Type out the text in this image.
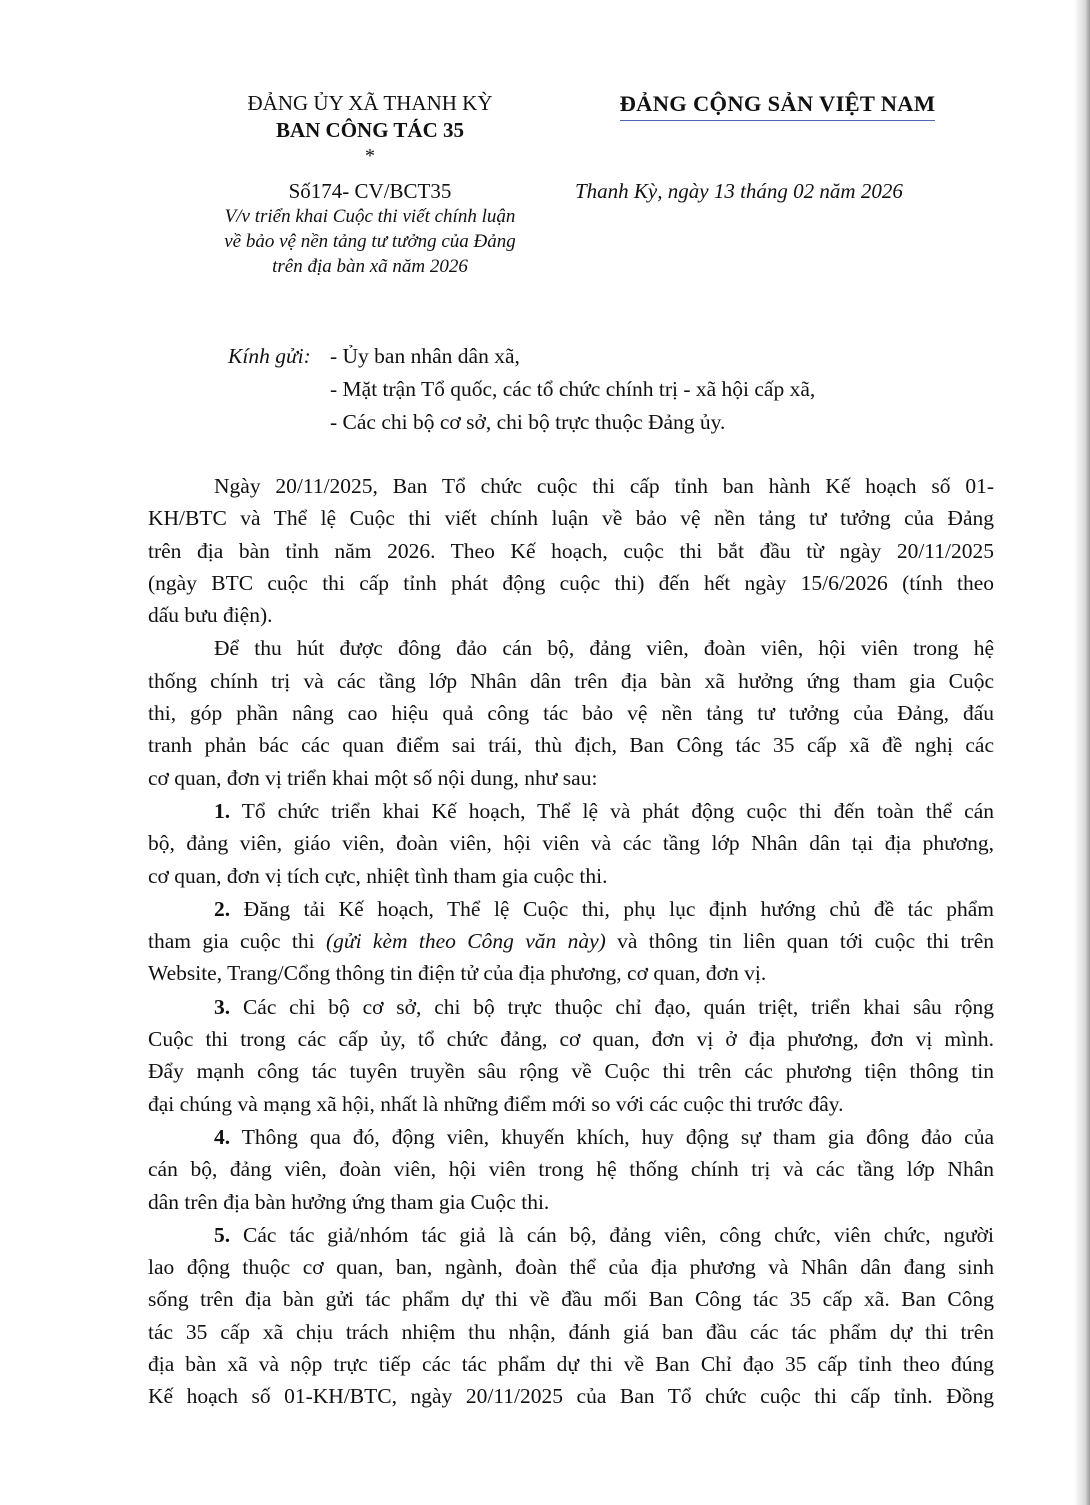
ĐẢNG ỦY XÃ THANH KỲ
BAN CÔNG TÁC 35
*
ĐẢNG CỘNG SẢN VIỆT NAM
Số174- CV/BCT35	Thanh Kỳ, ngày 13 tháng 02 năm 2026
V/v triển khai Cuộc thi viết chính luận
về bảo vệ nền tảng tư tưởng của Đảng
trên địa bàn xã năm 2026
Kính gửi: - Ủy ban nhân dân xã,
- Mặt trận Tổ quốc, các tổ chức chính trị - xã hội cấp xã,
- Các chi bộ cơ sở, chi bộ trực thuộc Đảng ủy.
Ngày 20/11/2025, Ban Tổ chức cuộc thi cấp tỉnh ban hành Kế hoạch số 01-
KH/BTC và Thể lệ Cuộc thi viết chính luận về bảo vệ nền tảng tư tưởng của Đảng
trên địa bàn tỉnh năm 2026. Theo Kế hoạch, cuộc thi bắt đầu từ ngày 20/11/2025
(ngày BTC cuộc thi cấp tỉnh phát động cuộc thi) đến hết ngày 15/6/2026 (tính theo
dấu bưu điện).
Để thu hút được đông đảo cán bộ, đảng viên, đoàn viên, hội viên trong hệ
thống chính trị và các tầng lớp Nhân dân trên địa bàn xã hưởng ứng tham gia Cuộc
thi, góp phần nâng cao hiệu quả công tác bảo vệ nền tảng tư tưởng của Đảng, đấu
tranh phản bác các quan điểm sai trái, thù địch, Ban Công tác 35 cấp xã đề nghị các
cơ quan, đơn vị triển khai một số nội dung, như sau:
1. Tổ chức triển khai Kế hoạch, Thể lệ và phát động cuộc thi đến toàn thể cán
bộ, đảng viên, giáo viên, đoàn viên, hội viên và các tầng lớp Nhân dân tại địa phương,
cơ quan, đơn vị tích cực, nhiệt tình tham gia cuộc thi.
2. Đăng tải Kế hoạch, Thể lệ Cuộc thi, phụ lục định hướng chủ đề tác phẩm
tham gia cuộc thi (gửi kèm theo Công văn này) và thông tin liên quan tới cuộc thi trên
Website, Trang/Cổng thông tin điện tử của địa phương, cơ quan, đơn vị.
3. Các chi bộ cơ sở, chi bộ trực thuộc chỉ đạo, quán triệt, triển khai sâu rộng
Cuộc thi trong các cấp ủy, tổ chức đảng, cơ quan, đơn vị ở địa phương, đơn vị mình.
Đẩy mạnh công tác tuyên truyền sâu rộng về Cuộc thi trên các phương tiện thông tin
đại chúng và mạng xã hội, nhất là những điểm mới so với các cuộc thi trước đây.
4. Thông qua đó, động viên, khuyến khích, huy động sự tham gia đông đảo của
cán bộ, đảng viên, đoàn viên, hội viên trong hệ thống chính trị và các tầng lớp Nhân
dân trên địa bàn hưởng ứng tham gia Cuộc thi.
5. Các tác giả/nhóm tác giả là cán bộ, đảng viên, công chức, viên chức, người
lao động thuộc cơ quan, ban, ngành, đoàn thể của địa phương và Nhân dân đang sinh
sống trên địa bàn gửi tác phẩm dự thi về đầu mối Ban Công tác 35 cấp xã. Ban Công
tác 35 cấp xã chịu trách nhiệm thu nhận, đánh giá ban đầu các tác phẩm dự thi trên
địa bàn xã và nộp trực tiếp các tác phẩm dự thi về Ban Chỉ đạo 35 cấp tỉnh theo đúng
Kế hoạch số 01-KH/BTC, ngày 20/11/2025 của Ban Tổ chức cuộc thi cấp tỉnh. Đồng
